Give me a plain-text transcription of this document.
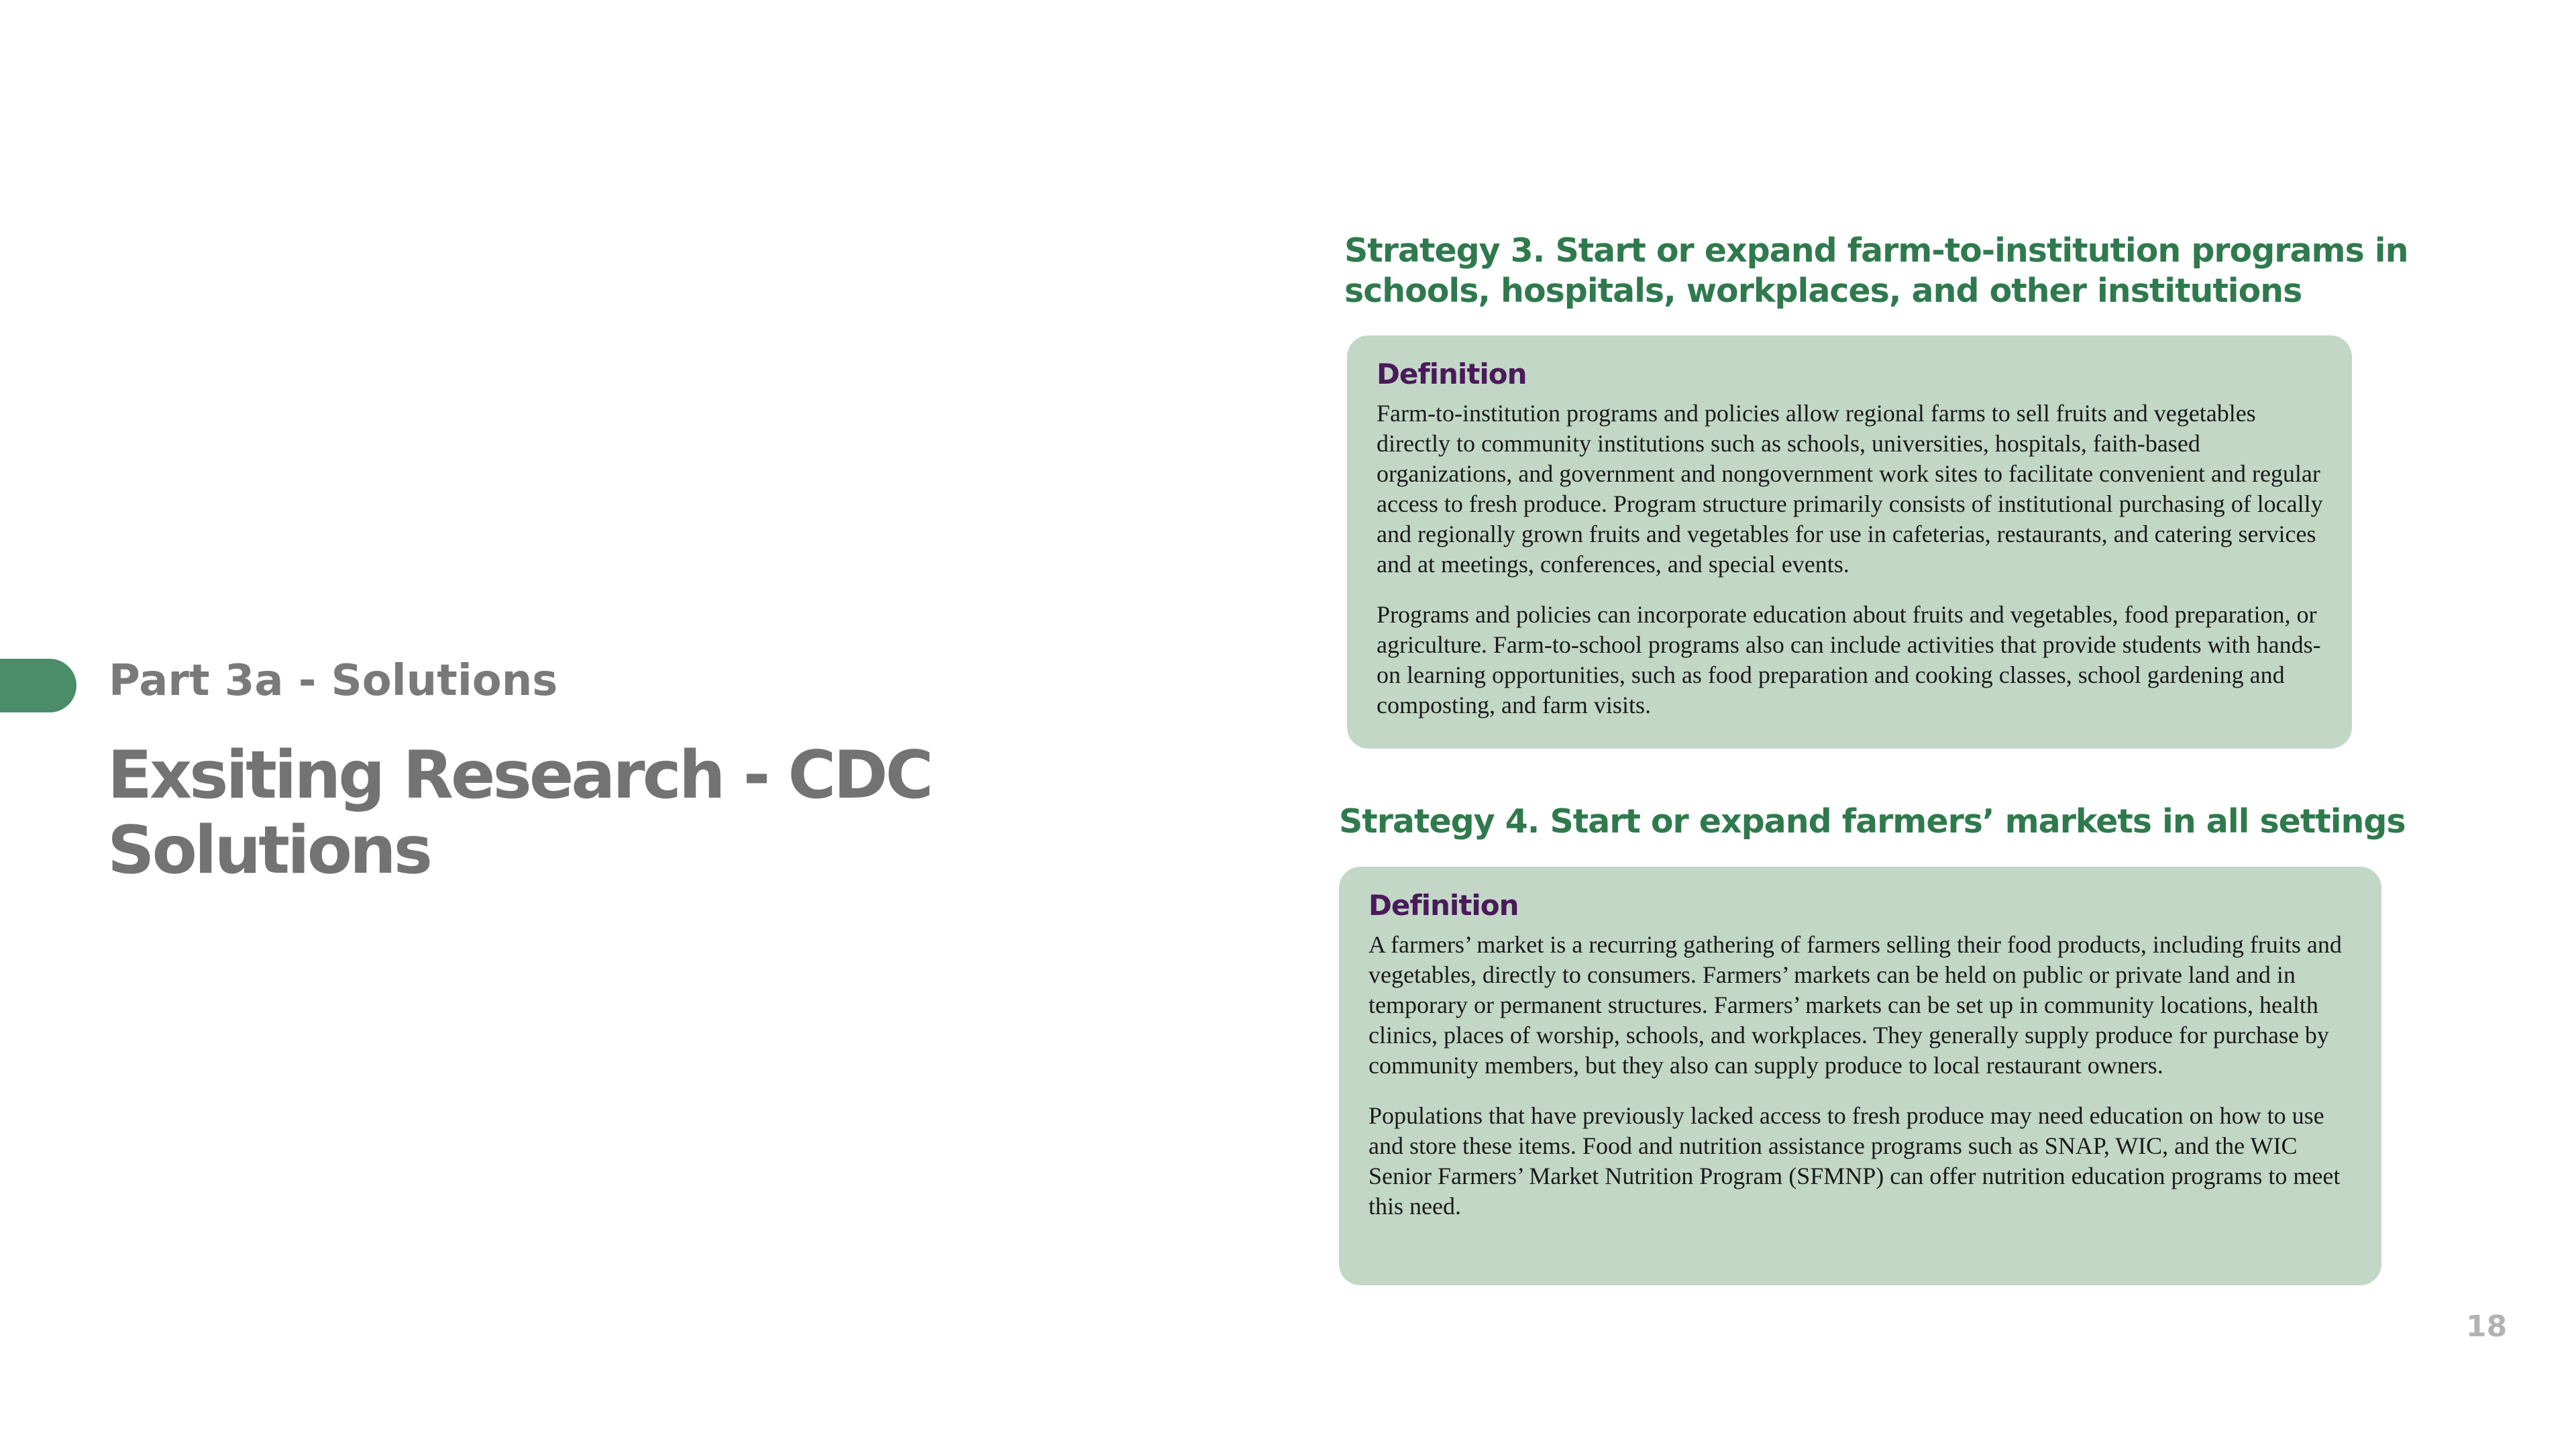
Part 3a - Solutions
Exsiting Research - CDC Solutions
Strategy 3. Start or expand farm-to-institution programs in schools, hospitals, workplaces, and other institutions
Definition

Farm-to-institution programs and policies allow regional farms to sell fruits and vegetables directly to community institutions such as schools, universities, hospitals, faith-based organizations, and government and nongovernment work sites to facilitate convenient and regular access to fresh produce. Program structure primarily consists of institutional purchasing of locally and regionally grown fruits and vegetables for use in cafeterias, restaurants, and catering services and at meetings, conferences, and special events.

Programs and policies can incorporate education about fruits and vegetables, food preparation, or agriculture. Farm-to-school programs also can include activities that provide students with hands-on learning opportunities, such as food preparation and cooking classes, school gardening and composting, and farm visits.

Strategy 4. Start or expand farmers’ markets in all settings
Definition

A farmers’ market is a recurring gathering of farmers selling their food products, including fruits and vegetables, directly to consumers. Farmers’ markets can be held on public or private land and in temporary or permanent structures. Farmers’ markets can be set up in community locations, health clinics, places of worship, schools, and workplaces. They generally supply produce for purchase by community members, but they also can supply produce to local restaurant owners.

Populations that have previously lacked access to fresh produce may need education on how to use and store these items. Food and nutrition assistance programs such as SNAP, WIC, and the WIC Senior Farmers’ Market Nutrition Program (SFMNP) can offer nutrition education programs to meet this need.

18
